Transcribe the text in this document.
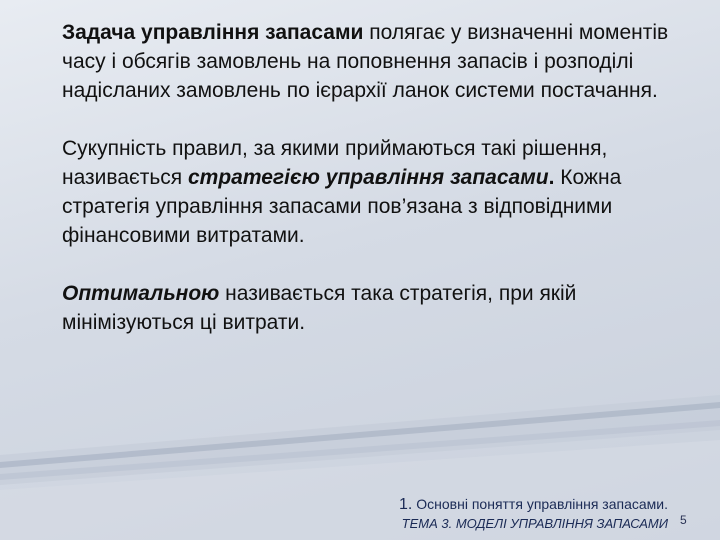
Задача управління запасами полягає у визначенні моментів часу і обсягів замовлень на поповнення запасів і розподілі надісланих замовлень по ієрархії ланок системи постачання.

Сукупність правил, за якими приймаються такі рішення, називається стратегією управління запасами. Кожна стратегія управління запасами пов’язана з відповідними фінансовими витратами.

Оптимальною називається така стратегія, при якій мінімізуються ці витрати.

1. Основні поняття управління запасами.
ТЕМА 3. МОДЕЛІ УПРАВЛІННЯ ЗАПАСАМИ 5
